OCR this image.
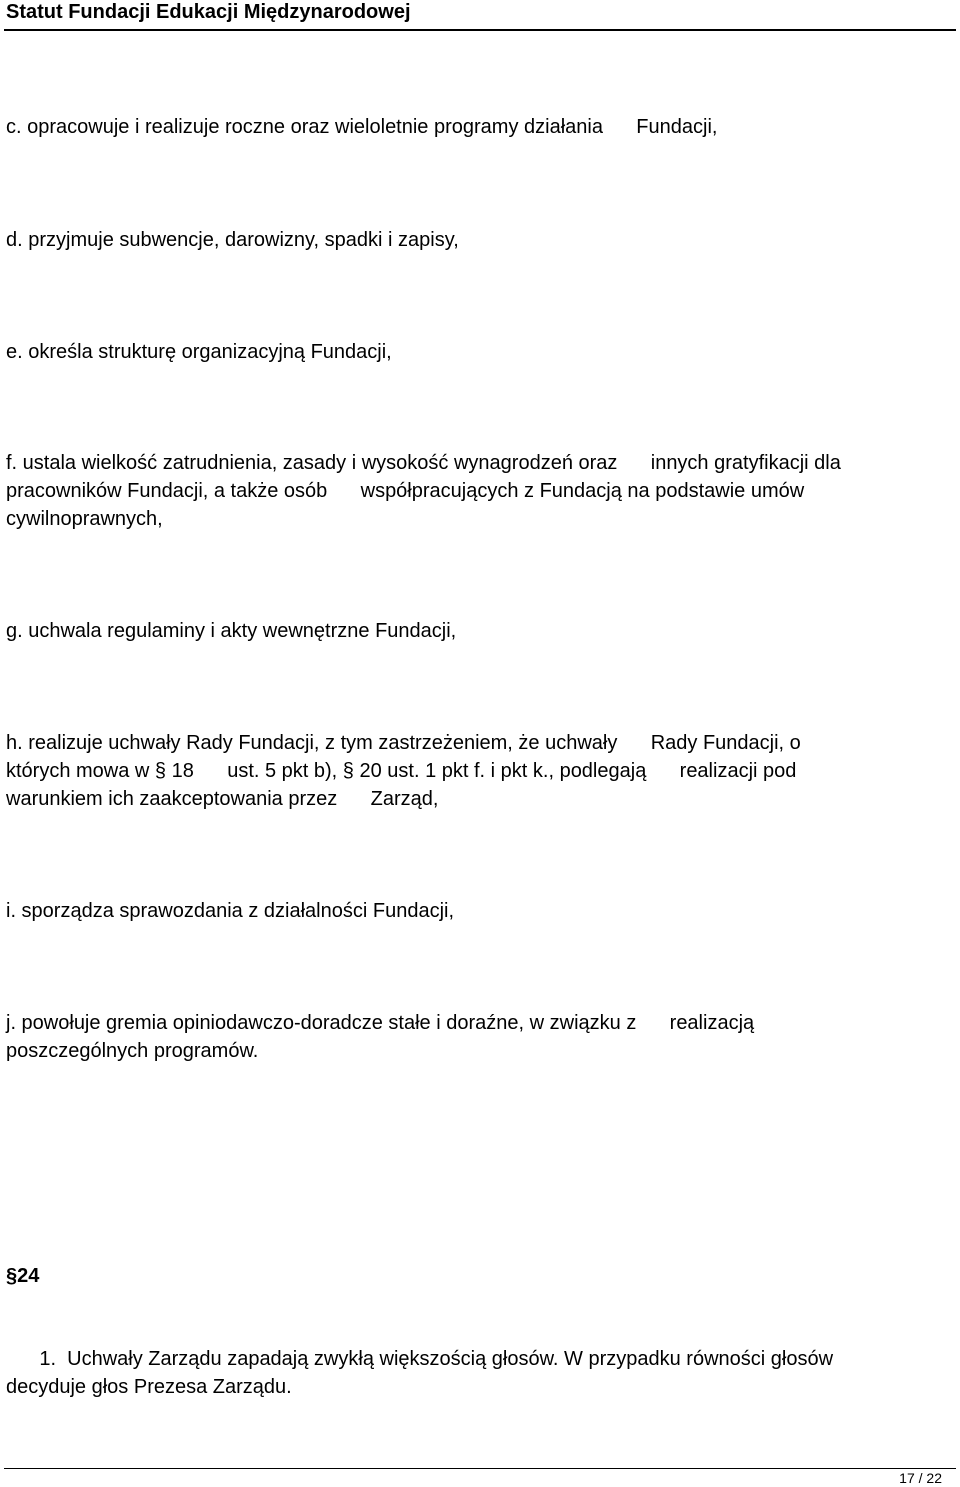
Statut Fundacji Edukacji Międzynarodowej

c. opracowuje i realizuje roczne oraz wieloletnie programy działania      Fundacji,

d. przyjmuje subwencje, darowizny, spadki i zapisy,

e. określa strukturę organizacyjną Fundacji,

f. ustala wielkość zatrudnienia, zasady i wysokość wynagrodzeń oraz      innych gratyfikacji dla
pracowników Fundacji, a także osób      współpracujących z Fundacją na podstawie umów
cywilnoprawnych,

g. uchwala regulaminy i akty wewnętrzne Fundacji,

h. realizuje uchwały Rady Fundacji, z tym zastrzeżeniem, że uchwały      Rady Fundacji, o
których mowa w § 18      ust. 5 pkt b), § 20 ust. 1 pkt f. i pkt k., podlegają      realizacji pod
warunkiem ich zaakceptowania przez      Zarząd,

i. sporządza sprawozdania z działalności Fundacji,

j. powołuje gremia opiniodawczo-doradcze stałe i doraźne, w związku z      realizacją
poszczególnych programów.

§24

1.  Uchwały Zarządu zapadają zwykłą większością głosów. W przypadku równości głosów
decyduje głos Prezesa Zarządu.

17 / 22
